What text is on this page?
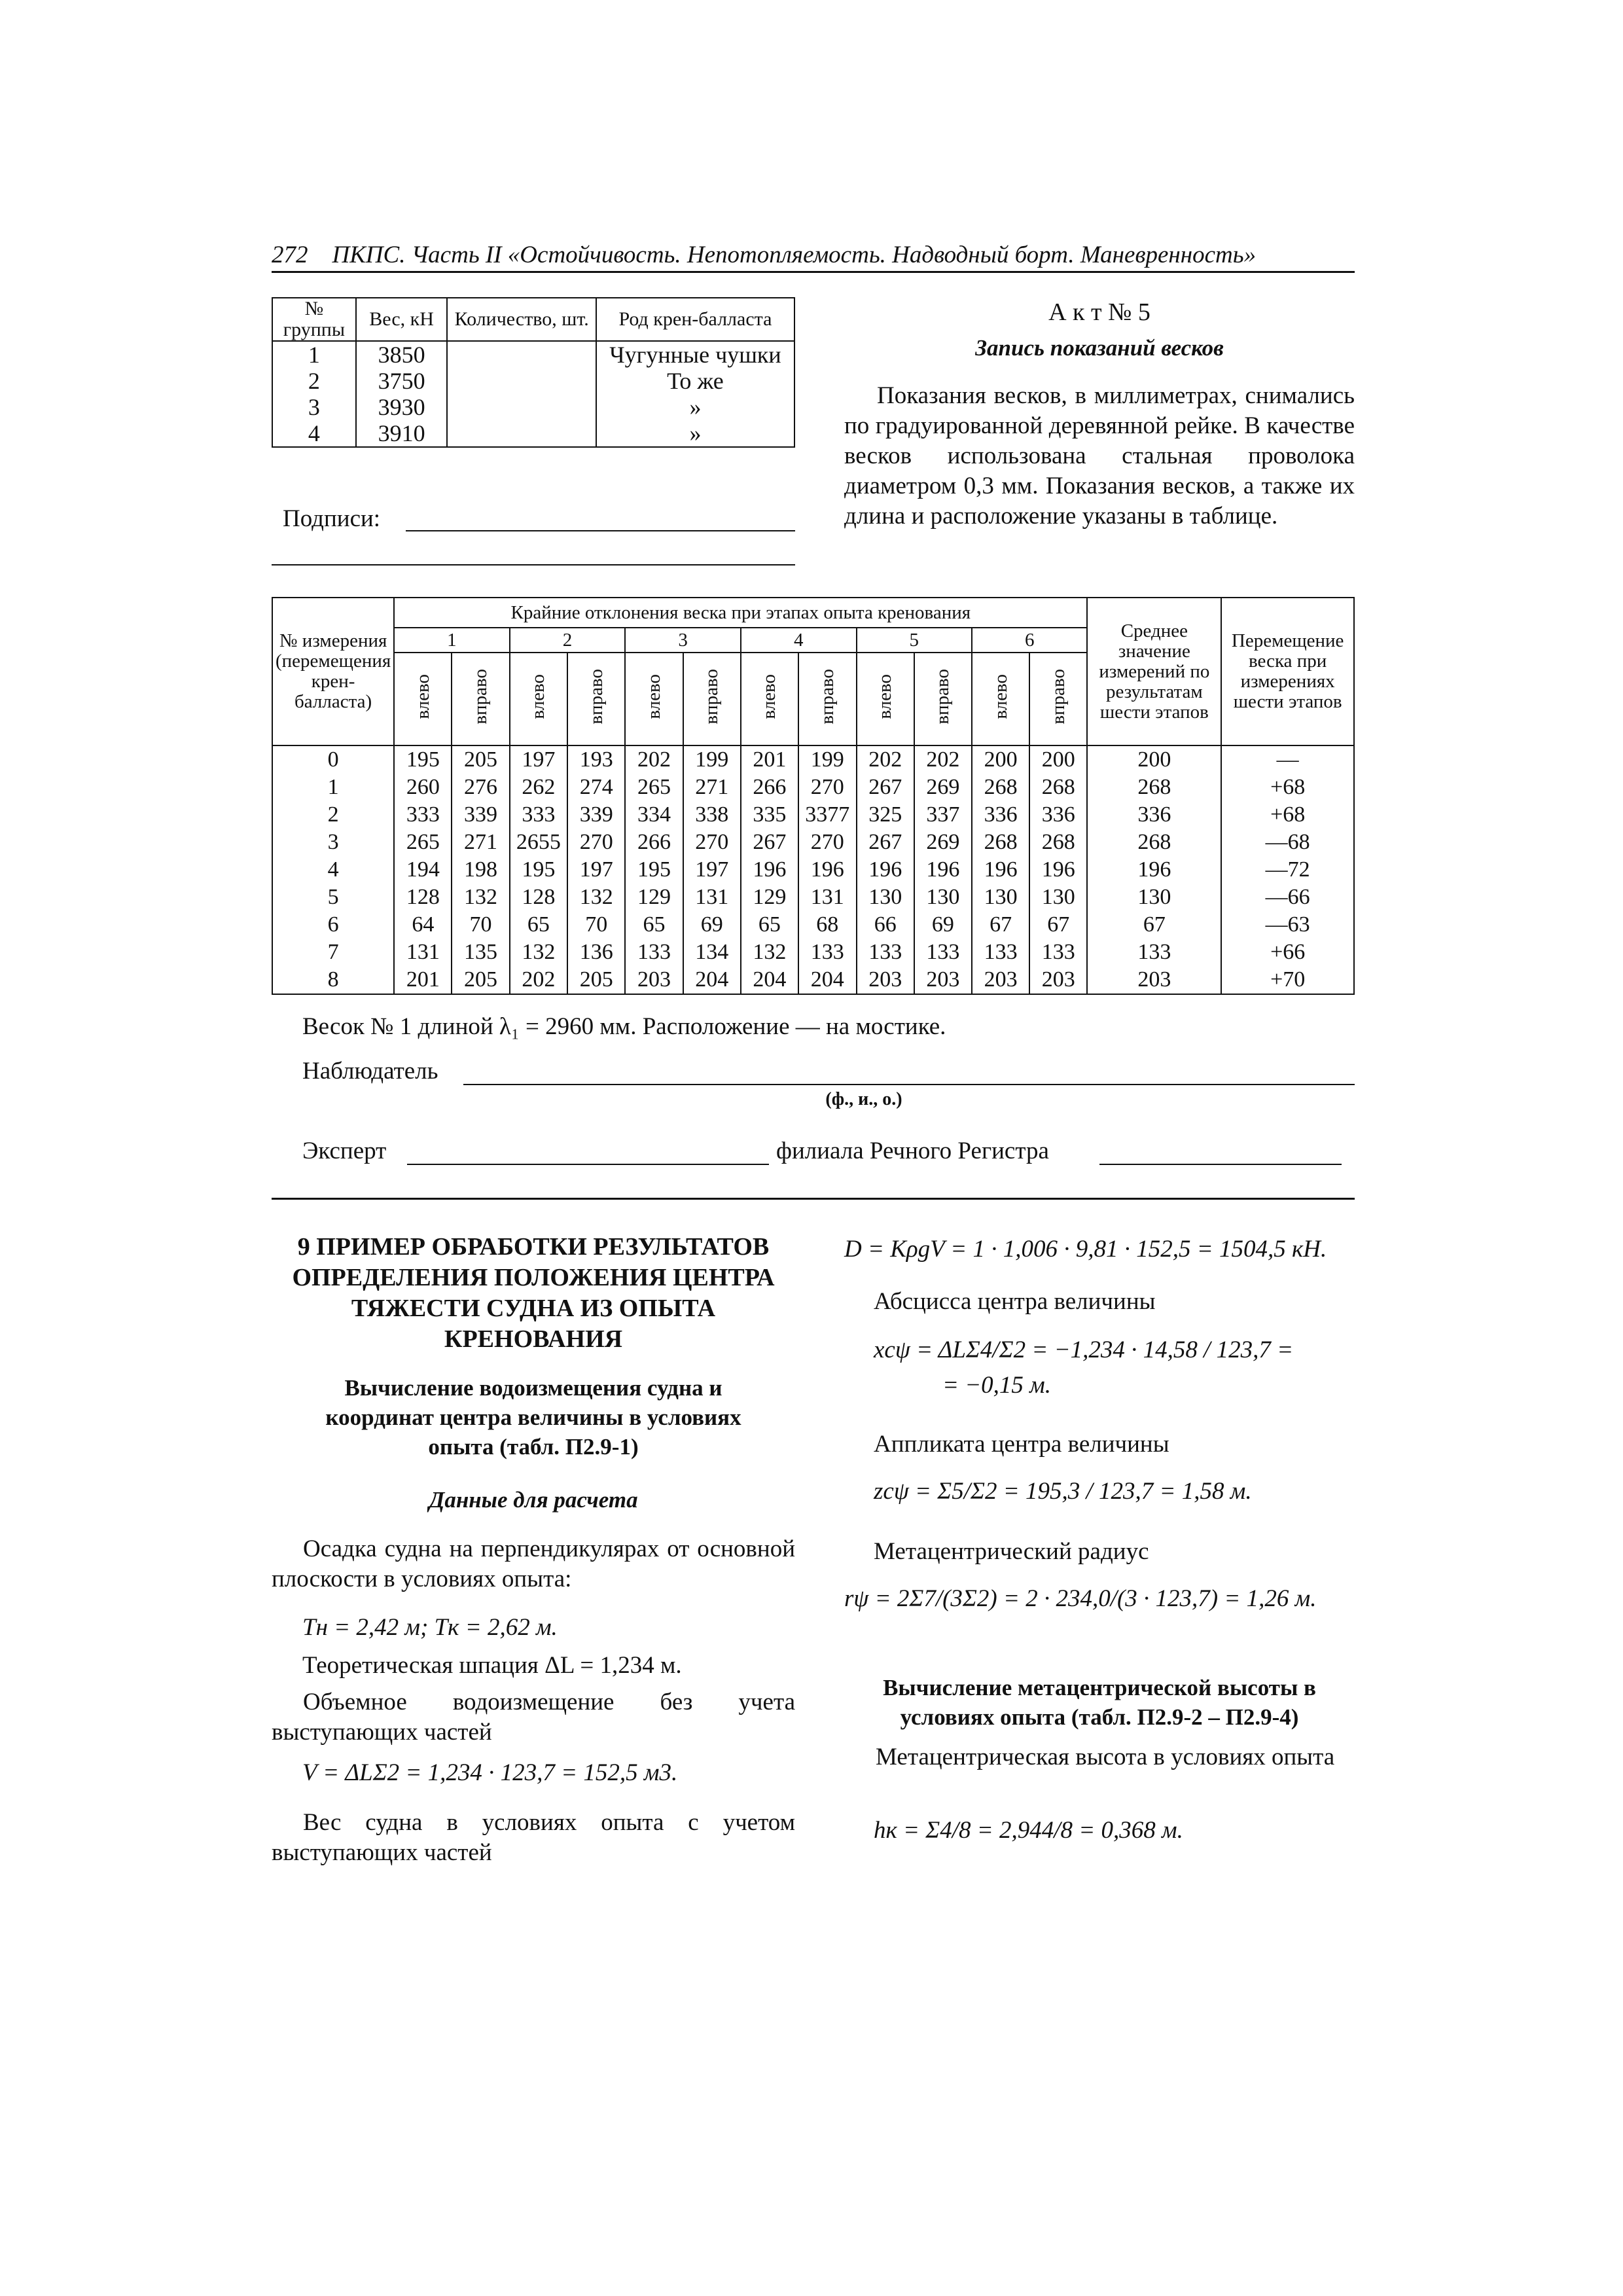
272 ПКПС. Часть II «Остойчивость. Непотопляемость. Надводный борт. Маневренность»
№ группы	Вес, кН	Количество, шт.	Род крен-балласта
1	3850		Чугунные чушки
2	3750		То же
3	3930		»
4	3910		»
Подписи:
А к т № 5
Запись показаний весков
Показания весков, в миллиметрах, снимались по градуированной деревянной рейке. В качестве весков использована стальная проволока диаметром 0,3 мм. Показания весков, а также их длина и расположение указаны в таблице.
№ измерения (перемещения крен-балласта)	Крайние отклонения веска при этапах опыта кренования												Среднее значение измерений по результатам шести этапов	Перемещение веска при измерениях шести этапов
	1		2		3		4		5		6			
	влево	вправо	влево	вправо	влево	вправо	влево	вправо	влево	вправо	влево	вправо		
0	195	205	197	193	202	199	201	199	202	202	200	200	200	—
1	260	276	262	274	265	271	266	270	267	269	268	268	268	+68
2	333	339	333	339	334	338	335	3377	325	337	336	336	336	+68
3	265	271	2655	270	266	270	267	270	267	269	268	268	268	—68
4	194	198	195	197	195	197	196	196	196	196	196	196	196	—72
5	128	132	128	132	129	131	129	131	130	130	130	130	130	—66
6	64	70	65	70	65	69	65	68	66	69	67	67	67	—63
7	131	135	132	136	133	134	132	133	133	133	133	133	133	+66
8	201	205	202	205	203	204	204	204	203	203	203	203	203	+70
Весок № 1 длиной λ₁ = 2960 мм. Расположение — на мостике.
Наблюдатель
(ф., и., о.)
Эксперт	филиала Речного Регистра
9 ПРИМЕР ОБРАБОТКИ РЕЗУЛЬТАТОВ ОПРЕДЕЛЕНИЯ ПОЛОЖЕНИЯ ЦЕНТРА ТЯЖЕСТИ СУДНА ИЗ ОПЫТА КРЕНОВАНИЯ
Вычисление водоизмещения судна и координат центра величины в условиях опыта (табл. П2.9-1)
Данные для расчета
Осадка судна на перпендикулярах от основной плоскости в условиях опыта:
Tн = 2,42 м; Tк = 2,62 м.
Теоретическая шпация ΔL = 1,234 м.
Объемное водоизмещение без учета выступающих частей
V = ΔLΣ2 = 1,234 · 123,7 = 152,5 м3.
Вес судна в условиях опыта с учетом выступающих частей
D = KρgV = 1 · 1,006 · 9,81 · 152,5 = 1504,5 кН.
Абсцисса центра величины
xcψ = ΔLΣ4/Σ2 = −1,234 · 14,58 / 123,7 =
= −0,15 м.
Аппликата центра величины
zcψ = Σ5/Σ2 = 195,3 / 123,7 = 1,58 м.
Метацентрический радиус
rψ = 2Σ7/(3Σ2) = 2 · 234,0/(3 · 123,7) = 1,26 м.
Вычисление метацентрической высоты в условиях опыта (табл. П2.9-2 – П2.9-4)
Метацентрическая высота в условиях опыта
hк = Σ4/8 = 2,944/8 = 0,368 м.
